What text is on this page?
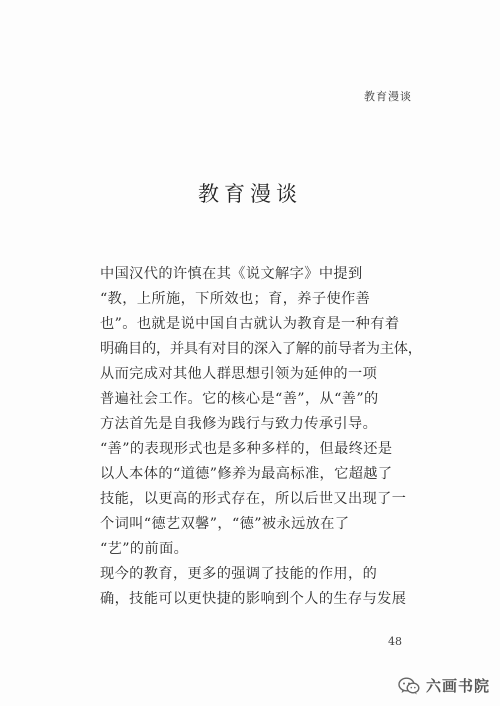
教育漫谈
教育漫谈
中国汉代的许慎在其《说文解字》中提到
“教，上所施，下所效也；育，养子使作善
也”。也就是说中国自古就认为教育是一种有着
明确目的，并具有对目的深入了解的前导者为主体，
从而完成对其他人群思想引领为延伸的一项
普遍社会工作。它的核心是“善”，从“善”的
方法首先是自我修为践行与致力传承引导。
“善”的表现形式也是多种多样的，但最终还是
以人本体的“道德”修养为最高标准，它超越了
技能，以更高的形式存在，所以后世又出现了一
个词叫“德艺双馨”，“德”被永远放在了
“艺”的前面。
现今的教育，更多的强调了技能的作用，的
确，技能可以更快捷的影响到个人的生存与发展
48
六画书院
